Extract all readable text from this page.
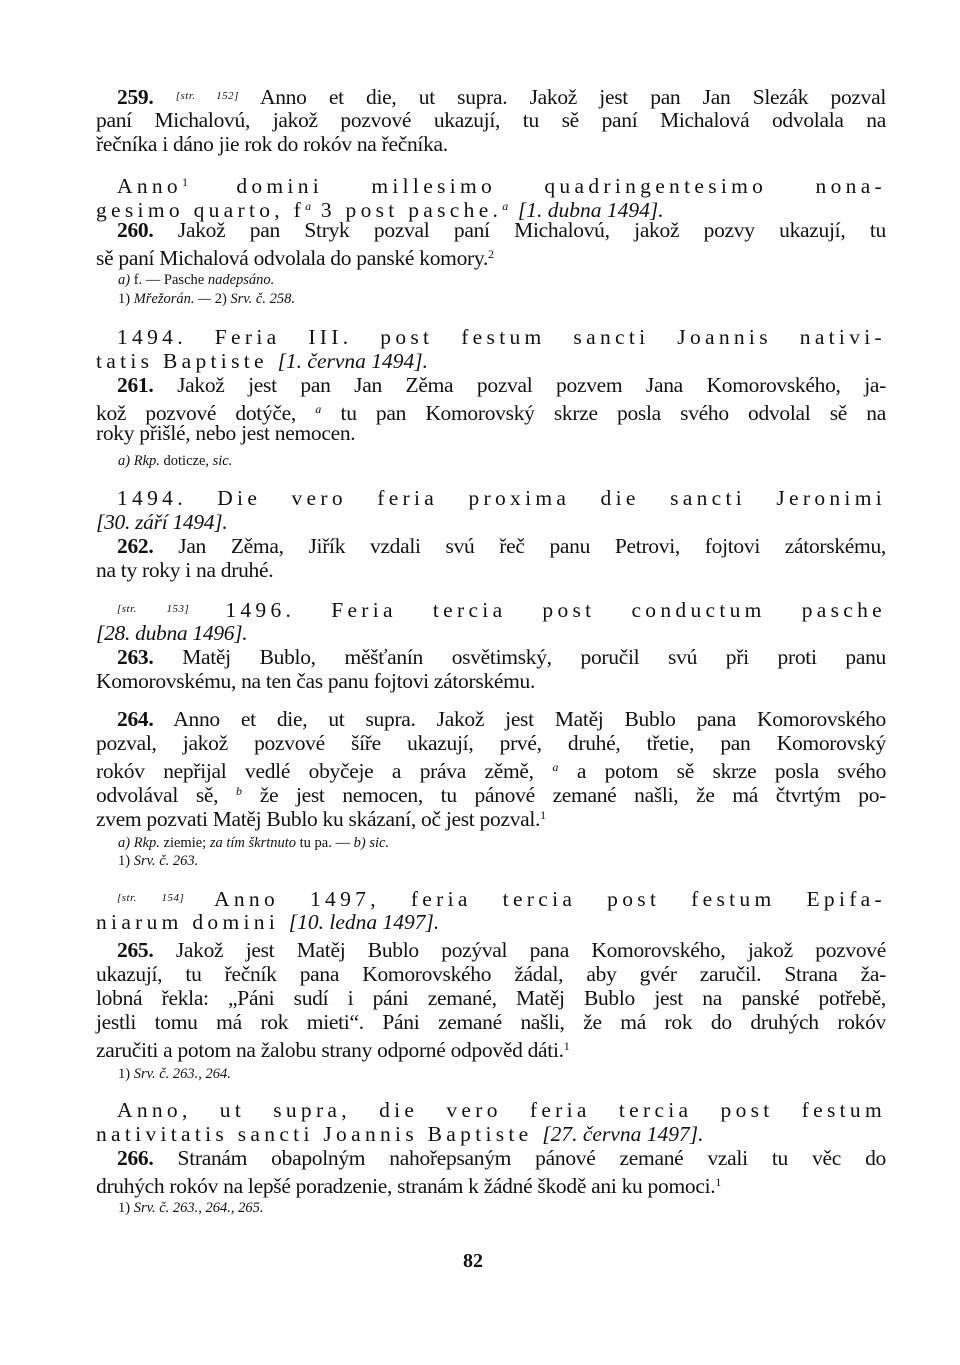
259. [str. 152] Anno et die, ut supra. Jakož jest pan Jan Slezák pozval
paní Michalovú, jakož pozvové ukazují, tu sě paní Michalová odvolala na
řečníka i dáno jie rok do rokóv na řečníka.
Anno$^1$ domini millesimo quadringentesimo nona-
gesimo quarto, $f^a$ 3 post pasche.$^a$ [1. dubna 1494].
260. Jakož pan Stryk pozval paní Michalovú, jakož pozvy ukazují, tu
sě paní Michalová odvolala do panské komory.$^2$
a) f. — Pasche nadepsáno.
1) Mřežorán. — 2) Srv. č. 258.
1494. Feria III. post festum sancti Joannis nativi-
tatis Baptiste [1. června 1494].
261. Jakož jest pan Jan Zěma pozval pozvem Jana Komorovského, ja-
kož pozvové dotýče, $^a$ tu pan Komorovský skrze posla svého odvolal sě na
roky přišlé, nebo jest nemocen.
a) Rkp. doticze, sic.
1494. Die vero feria proxima die sancti Jeronimi
[30. září 1494].
262. Jan Zěma, Jiřík vzdali svú řeč panu Petrovi, fojtovi zátorskému,
na ty roky i na druhé.
[str. 153] 1496. Feria tercia post conductum pasche
[28. dubna 1496].
263. Matěj Bublo, měšťanín osvětimský, poručil svú při proti panu
Komorovskému, na ten čas panu fojtovi zátorskému.
264. Anno et die, ut supra. Jakož jest Matěj Bublo pana Komorovského
pozval, jakož pozvové šíře ukazují, prvé, druhé, třetie, pan Komorovský
rokóv nepřijal vedlé obyčeje a práva zěmě, $^a$ a potom sě skrze posla svého
odvolával sě, $^b$ že jest nemocen, tu pánové zemané našli, že má čtvrtým po-
zvem pozvati Matěj Bublo ku skázaní, oč jest pozval.$^1$
a) Rkp. ziemie; za tím škrtnuto tu pa. — b) sic.
1) Srv. č. 263.
[str. 154] Anno 1497, feria tercia post festum Epifa-
niarum domini [10. ledna 1497].
265. Jakož jest Matěj Bublo pozýval pana Komorovského, jakož pozvové
ukazují, tu řečník pana Komorovského žádal, aby gvér zaručil. Strana ža-
lobná řekla: „Páni sudí i páni zemané, Matěj Bublo jest na panské potřebě,
jestli tomu má rok mieti“. Páni zemané našli, že má rok do druhých rokóv
zaručiti a potom na žalobu strany odporné odpověd dáti.$^1$
1) Srv. č. 263., 264.
Anno, ut supra, die vero feria tercia post festum
nativitatis sancti Joannis Baptiste [27. června 1497].
266. Stranám obapolným nahořepsaným pánové zemané vzali tu věc do
druhých rokóv na lepšé poradzenie, stranám k žádné škodě ani ku pomoci.$^1$
1) Srv. č. 263., 264., 265.
82
